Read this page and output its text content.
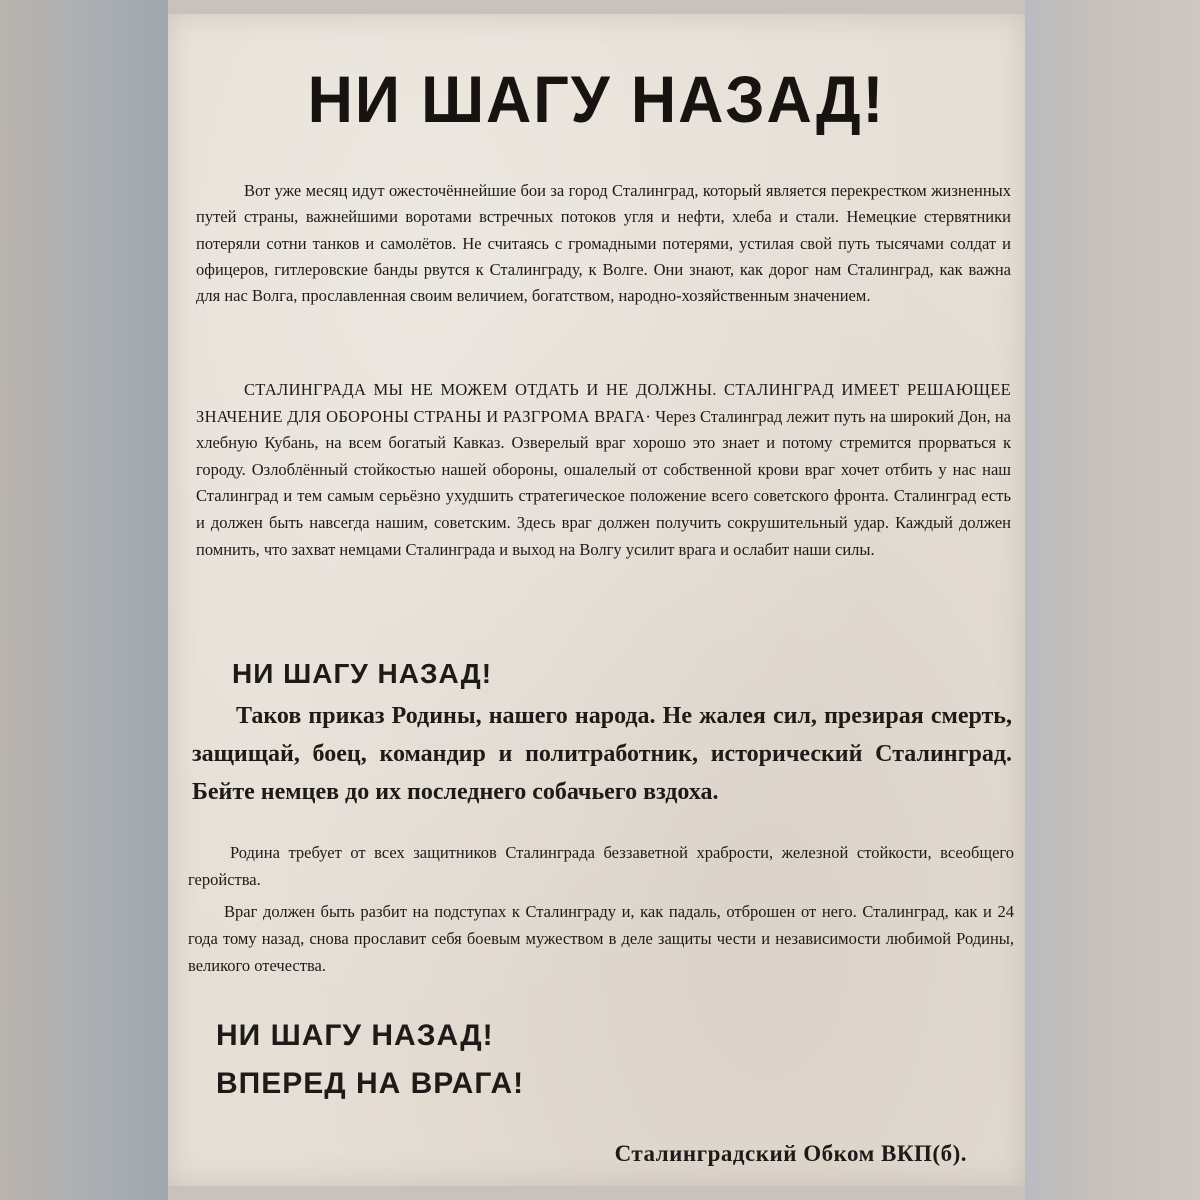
НИ ШАГУ НАЗАД!

Вот уже месяц идут ожесточённейшие бои за город Сталинград, который является перекрестком жизненных путей страны, важнейшими воротами встречных потоков угля и нефти, хлеба и стали. Немецкие стервятники потеряли сотни танков и самолётов. Не считаясь с громадными потерями, устилая свой путь тысячами солдат и офицеров, гитлеровские банды рвутся к Сталинграду, к Волге. Они знают, как дорог нам Сталинград, как важна для нас Волга, прославленная своим величием, богатством, народно-хозяйственным значением.

СТАЛИНГРАДА МЫ НЕ МОЖЕМ ОТДАТЬ И НЕ ДОЛЖНЫ. СТАЛИНГРАД ИМЕЕТ РЕШАЮЩЕЕ ЗНАЧЕНИЕ ДЛЯ ОБОРОНЫ СТРАНЫ И РАЗГРОМА ВРАГА· Через Сталинград лежит путь на широкий Дон, на хлебную Кубань, на всем богатый Кавказ. Озверелый враг хорошо это знает и потому стремится прорваться к городу. Озлоблённый стойкостью нашей обороны, ошалелый от собственной крови враг хочет отбить у нас наш Сталинград и тем самым серьёзно ухудшить стратегическое положение всего советского фронта. Сталинград есть и должен быть навсегда нашим, советским. Здесь враг должен получить сокрушительный удар. Каждый должен помнить, что захват немцами Сталинграда и выход на Волгу усилит врага и ослабит наши силы.

НИ ШАГУ НАЗАД!

Таков приказ Родины, нашего народа. Не жалея сил, презирая смерть, защищай, боец, командир и политработник, исторический Сталинград. Бейте немцев до их последнего собачьего вздоха.

Родина требует от всех защитников Сталинграда беззаветной храбрости, железной стойкости, всеобщего геройства.

Враг должен быть разбит на подступах к Сталинграду и, как падаль, отброшен от него. Сталинград, как и 24 года тому назад, снова прославит себя боевым мужеством в деле защиты чести и независимости любимой Родины, великого отечества.

НИ ШАГУ НАЗАД!
ВПЕРЕД НА ВРАГА!

Сталинградский Обком ВКП(б).
